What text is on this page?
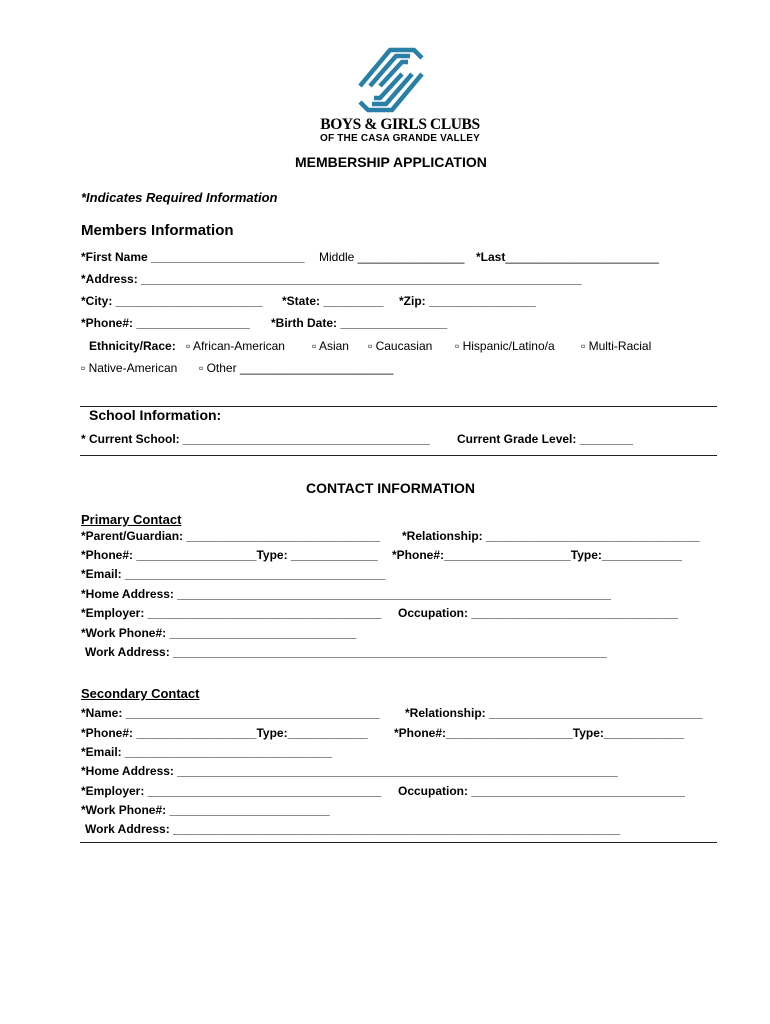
BOYS & GIRLS CLUBS
OF THE CASA GRANDE VALLEY
MEMBERSHIP APPLICATION
*Indicates Required Information
Members Information
*First Name _______________________ Middle ________________ *Last_______________________
*Address: __________________________________________________________________
*City: ______________________ *State: _________ *Zip: ________________
*Phone#: _________________ *Birth Date: ________________
Ethnicity/Race: ▫ African-American ▫ Asian ▫ Caucasian ▫ Hispanic/Latino/a ▫ Multi-Racial
▫ Native-American ▫ Other _______________________
School Information:
* Current School: _____________________________________ Current Grade Level: ________
CONTACT INFORMATION
Primary Contact
*Parent/Guardian: _____________________________ *Relationship: ________________________________
*Phone#: __________________Type: _____________ *Phone#:___________________Type:____________
*Email: _______________________________________
*Home Address: _________________________________________________________________
*Employer: ___________________________________ Occupation: _______________________________
*Work Phone#: ____________________________
Work Address: _________________________________________________________________
Secondary Contact
*Name: ______________________________________ *Relationship: ________________________________
*Phone#: __________________Type:____________ *Phone#:___________________Type:____________
*Email: _______________________________
*Home Address: __________________________________________________________________
*Employer: ___________________________________ Occupation: ________________________________
*Work Phone#: ________________________
Work Address: ___________________________________________________________________
